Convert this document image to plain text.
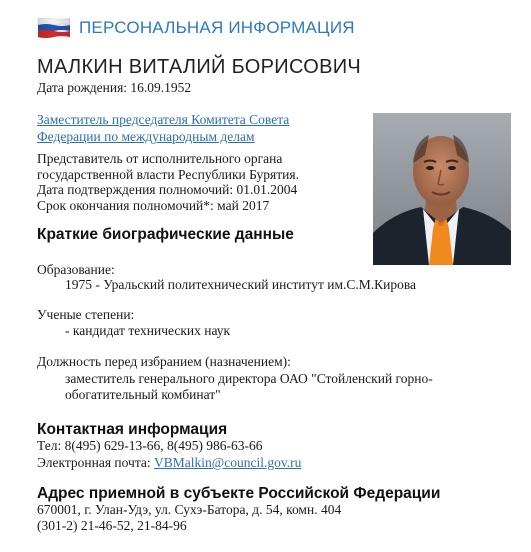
ПЕРСОНАЛЬНАЯ ИНФОРМАЦИЯ
МАЛКИН ВИТАЛИЙ БОРИСОВИЧ
Дата рождения: 16.09.1952
Заместитель председателя Комитета Совета Федерации по международным делам
Представитель от исполнительного органа
государственной власти Республики Бурятия.
Дата подтверждения полномочий: 01.01.2004
Срок окончания полномочий*: май 2017
Краткие биографические данные
Образование:
1975 - Уральский политехнический институт им.С.М.Кирова
Ученые степени:
- кандидат технических наук
Должность перед избранием (назначением):
заместитель генерального директора ОАО "Стойленский горно-
обогатительный комбинат"
Контактная информация
Тел: 8(495) 629-13-66, 8(495) 986-63-66
Электронная почта: VBMalkin@council.gov.ru
Адрес приемной в субъекте Российской Федерации
670001, г. Улан-Удэ, ул. Сухэ-Батора, д. 54, комн. 404
(301-2) 21-46-52, 21-84-96
